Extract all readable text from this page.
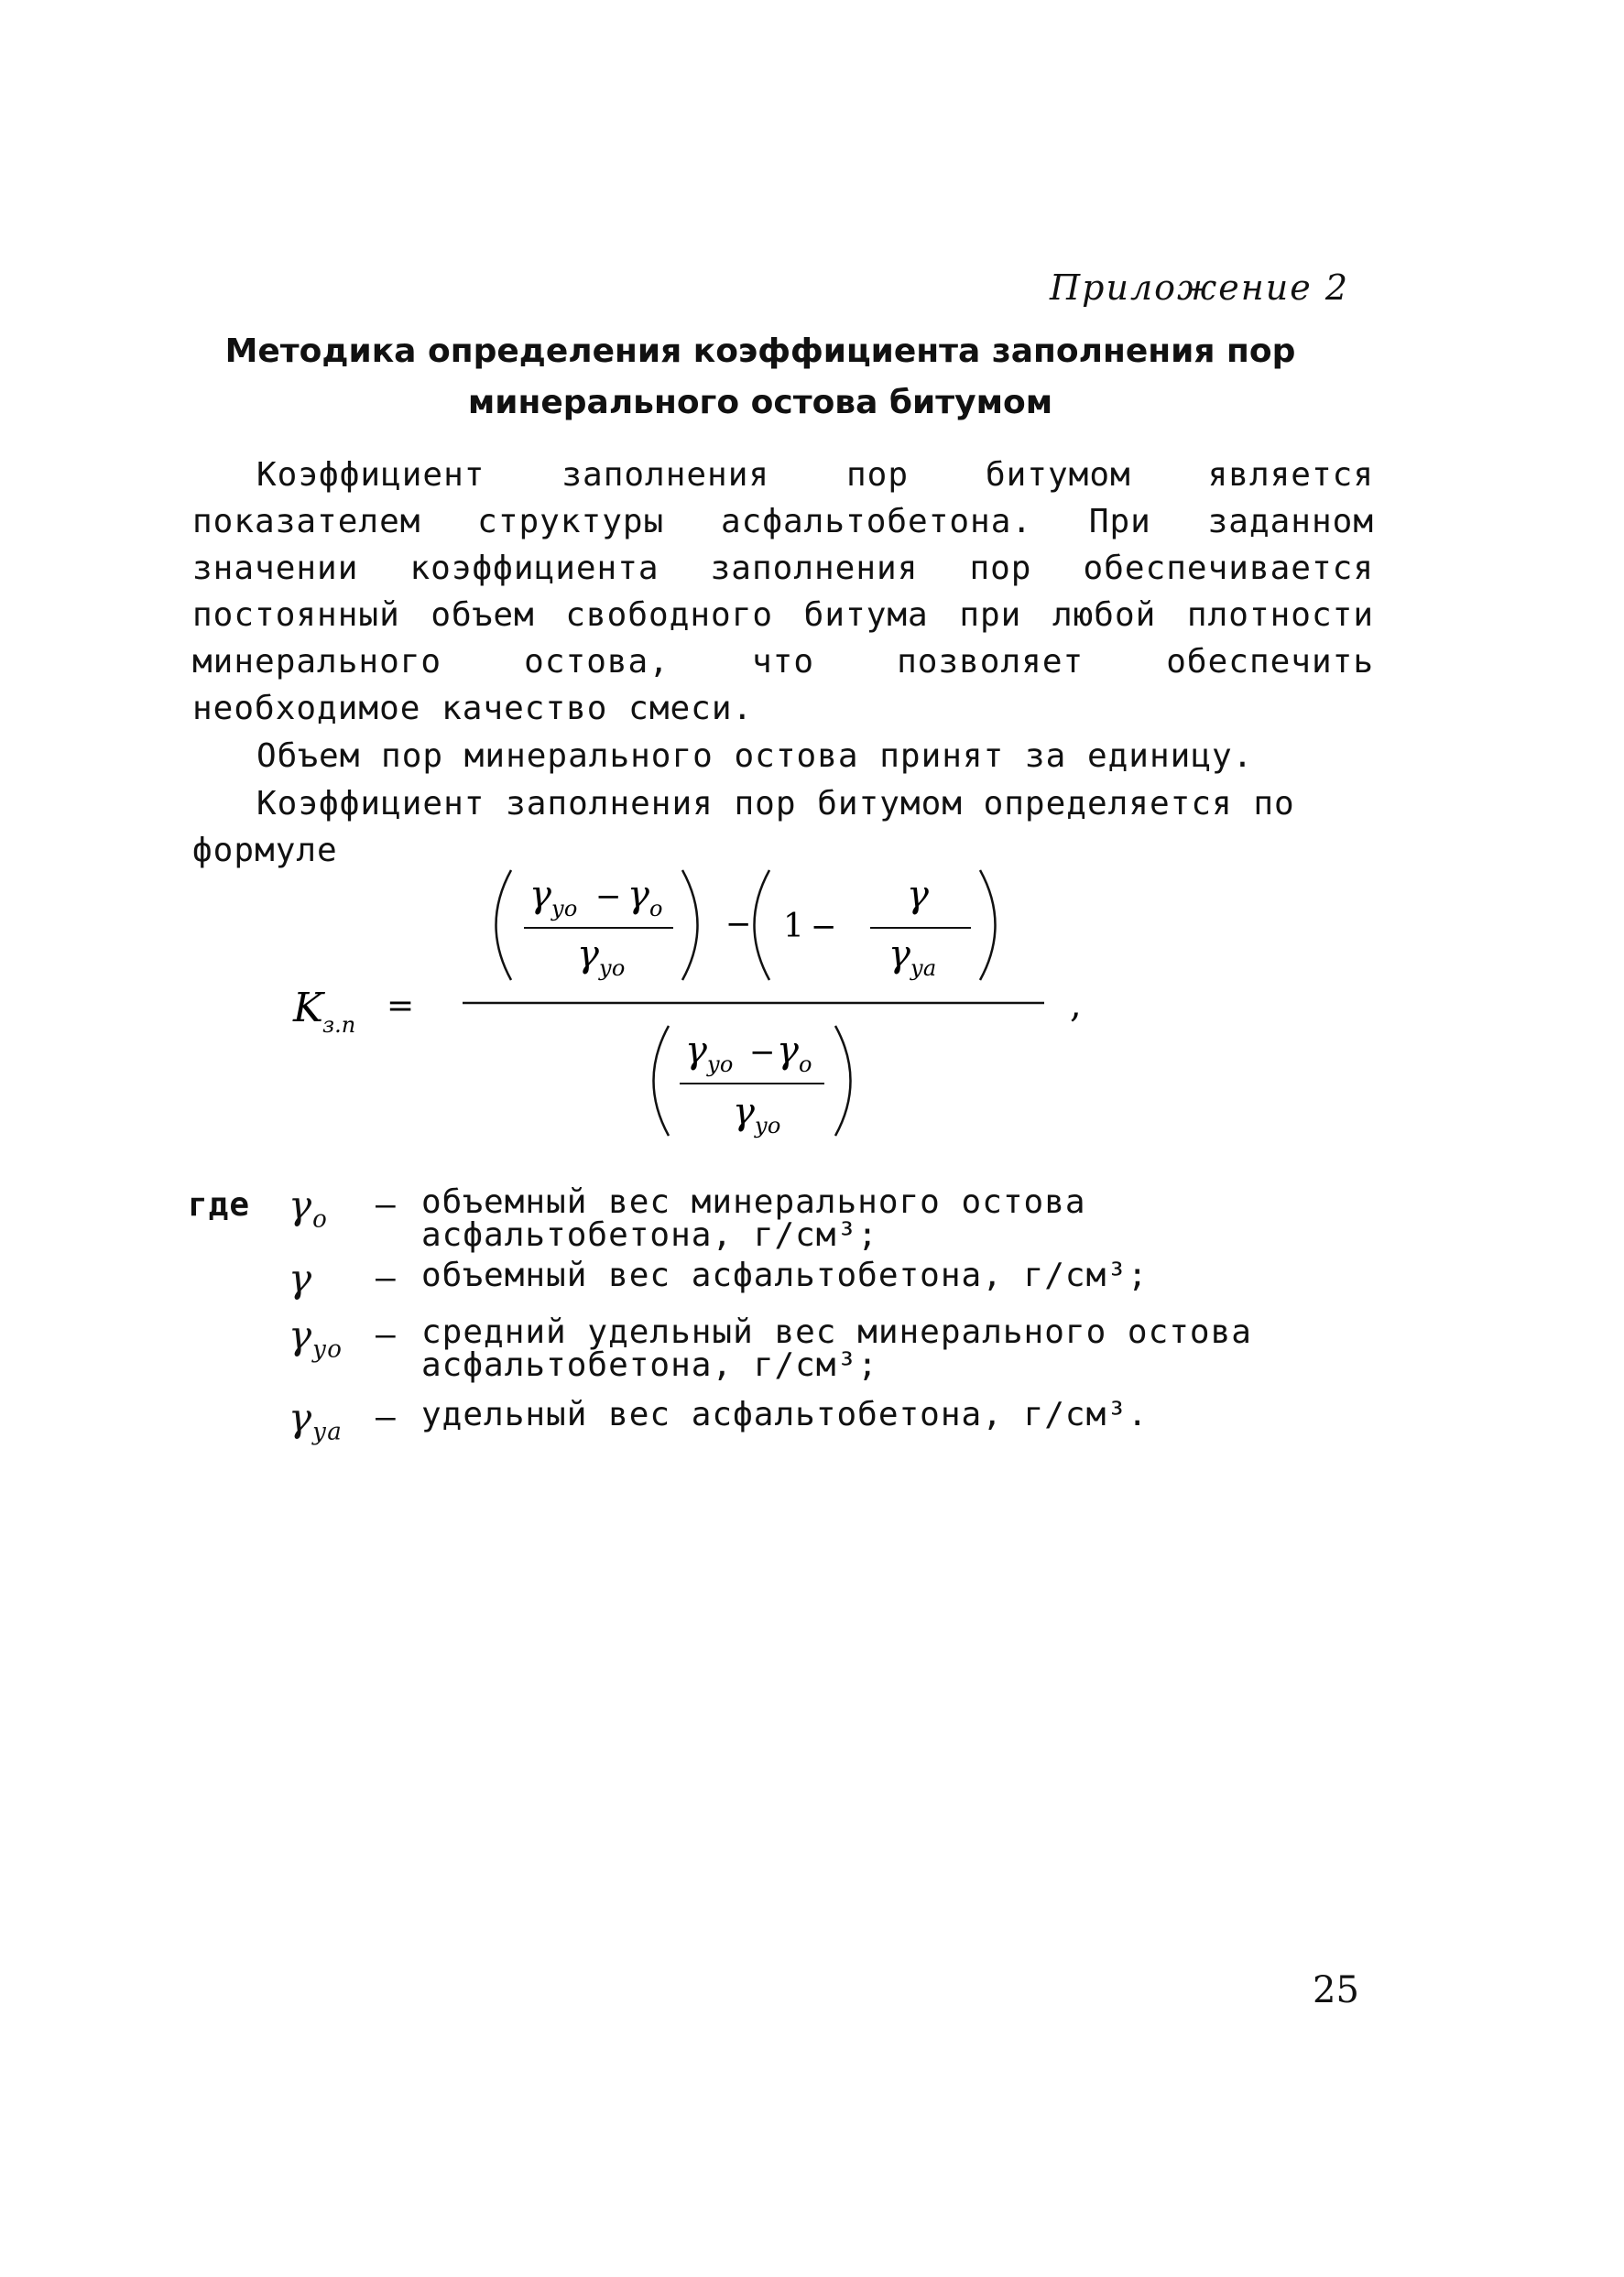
Приложение 2
Методика определения коэффициента заполнения пор
минерального остова битумом
Коэффициент заполнения пор битумом является показателем структуры асфальтобетона. При заданном значении коэффициента заполнения пор обеспечивается постоянный объем свободного битума при любой плотности минерального остова, что позволяет обеспечить необходимое качество смеси.
Объем пор минерального остова принят за единицу.
Коэффициент заполнения пор битумом определяется по формуле
K з.п =
γ уо − γ о
γ уо
− 1 −
γ
γ уа
γ уо − γ о
γ уо
,
где $\gamma_о$ – объемный вес минерального остова асфальтобетона, г/см³;
γ – объемный вес асфальтобетона, г/см³;
$\gamma_{уо}$ – средний удельный вес минерального остова асфальтобетона, г/см³;
$\gamma_{уа}$ – удельный вес асфальтобетона, г/см³.
25
